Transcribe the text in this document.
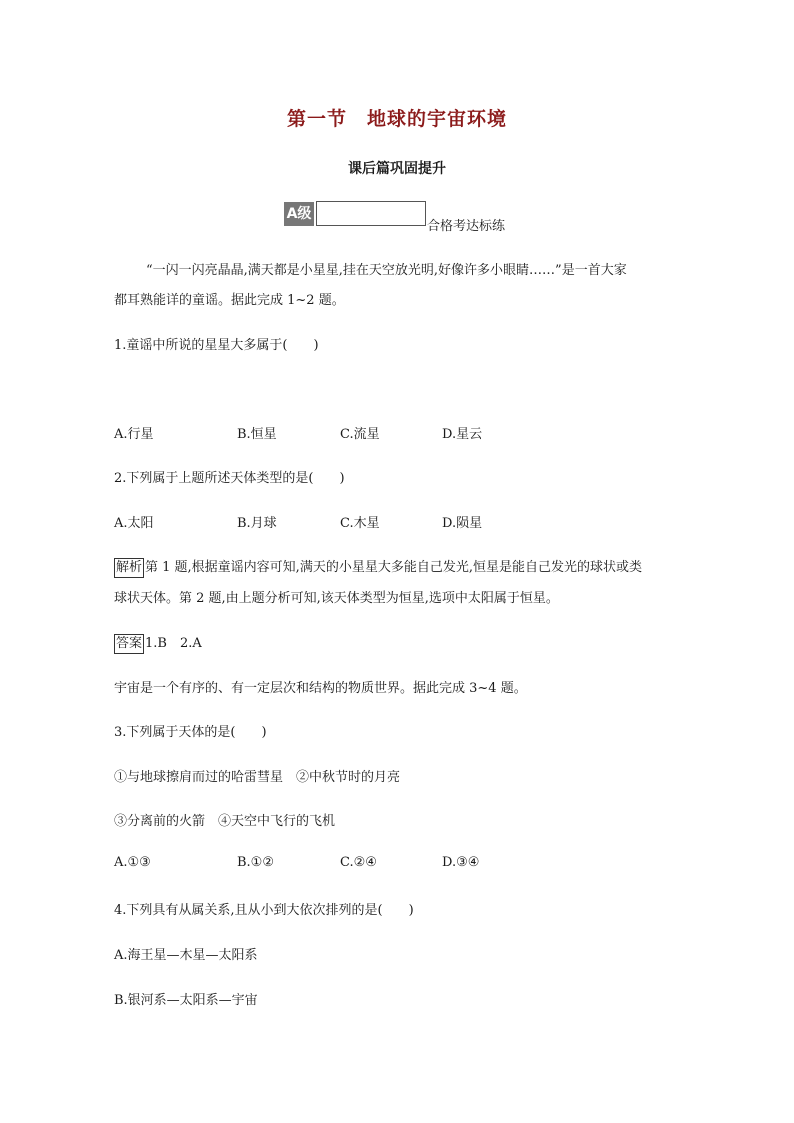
第一节　地球的宇宙环境
课后篇巩固提升
A级
合格考达标练
“一闪一闪亮晶晶,满天都是小星星,挂在天空放光明,好像许多小眼睛……”是一首大家
都耳熟能详的童谣。据此完成 1~2 题。
1.童谣中所说的星星大多属于(　　)
A.行星	B.恒星	C.流星	D.星云
2.下列属于上题所述天体类型的是(　　)
A.太阳	B.月球	C.木星	D.陨星
解析 第 1 题,根据童谣内容可知,满天的小星星大多能自己发光,恒星是能自己发光的球状或类
球状天体。第 2 题,由上题分析可知,该天体类型为恒星,选项中太阳属于恒星。
答案 1.B　2.A
宇宙是一个有序的、有一定层次和结构的物质世界。据此完成 3~4 题。
3.下列属于天体的是(　　)
①与地球擦肩而过的哈雷彗星　②中秋节时的月亮
③分离前的火箭　④天空中飞行的飞机
A.①③	B.①②	C.②④	D.③④
4.下列具有从属关系,且从小到大依次排列的是(　　)
A.海王星—木星—太阳系
B.银河系—太阳系—宇宙
